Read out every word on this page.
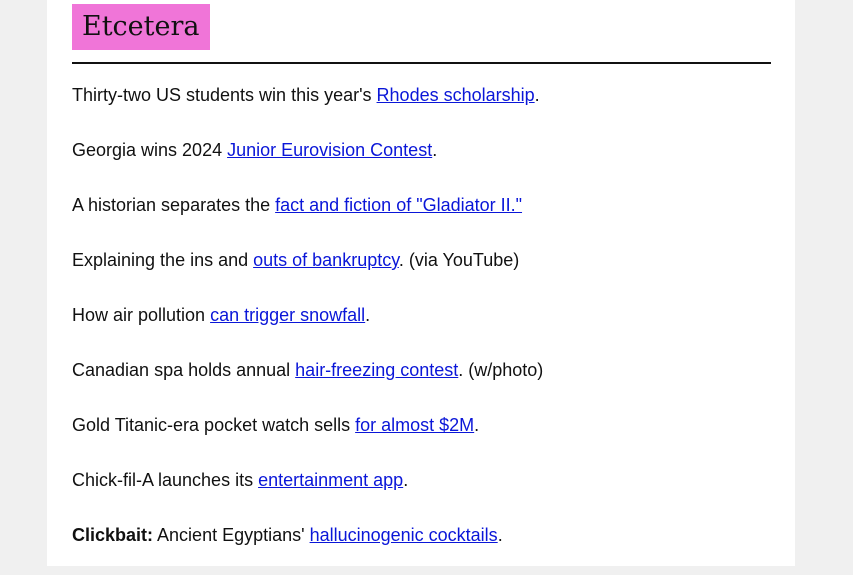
Etcetera
Thirty-two US students win this year's Rhodes scholarship.
Georgia wins 2024 Junior Eurovision Contest.
A historian separates the fact and fiction of "Gladiator II."
Explaining the ins and outs of bankruptcy. (via YouTube)
How air pollution can trigger snowfall.
Canadian spa holds annual hair-freezing contest. (w/photo)
Gold Titanic-era pocket watch sells for almost $2M.
Chick-fil-A launches its entertainment app.
Clickbait: Ancient Egyptians' hallucinogenic cocktails.
